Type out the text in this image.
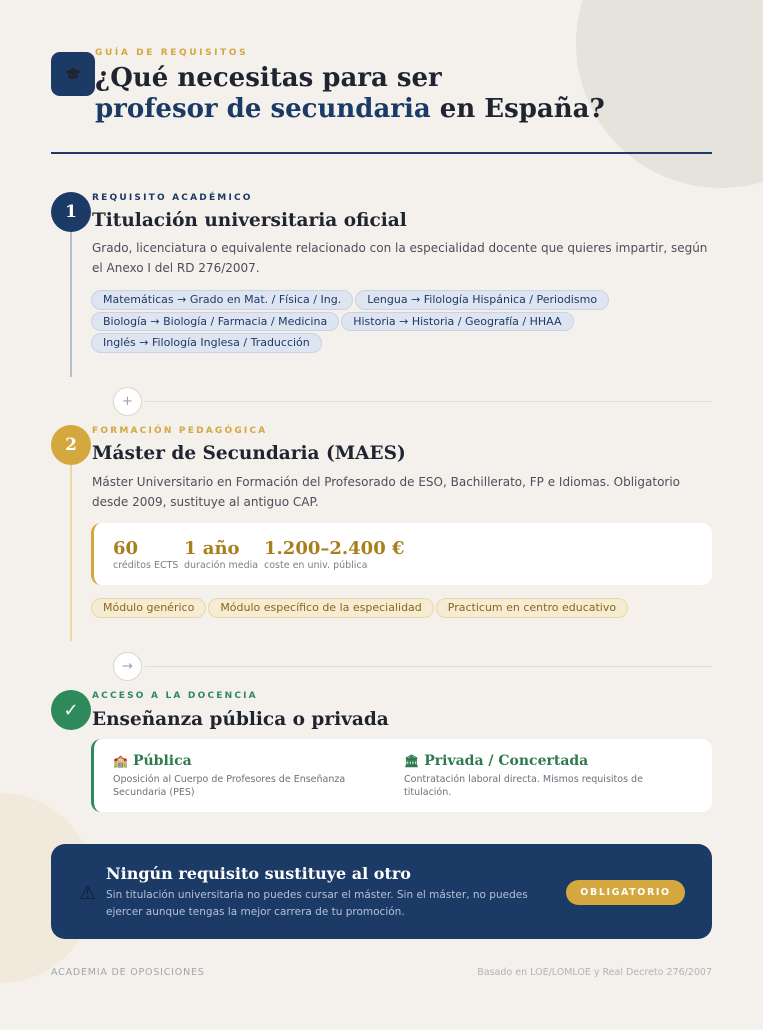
GUÍA DE REQUISITOS
¿Qué necesitas para ser
profesor de secundaria en España?
1
REQUISITO ACADÉMICO
Titulación universitaria oficial
Grado, licenciatura o equivalente relacionado con la especialidad docente que quieres impartir, según el Anexo I del RD 276/2007.
Matemáticas → Grado en Mat. / Física / Ing.	Lengua → Filología Hispánica / Periodismo
Biología → Biología / Farmacia / Medicina	Historia → Historia / Geografía / HHAA
Inglés → Filología Inglesa / Traducción
+
2
FORMACIÓN PEDAGÓGICA
Máster de Secundaria (MAES)
Máster Universitario en Formación del Profesorado de ESO, Bachillerato, FP e Idiomas. Obligatorio desde 2009, sustituye al antiguo CAP.
60
créditos ECTS
1 año
duración media
1.200–2.400 €
coste en univ. pública
Módulo genérico	Módulo específico de la especialidad	Practicum en centro educativo
→
✓
ACCESO A LA DOCENCIA
Enseñanza pública o privada
🏫 Pública
Oposición al Cuerpo de Profesores de Enseñanza Secundaria (PES)
🏛 Privada / Concertada
Contratación laboral directa. Mismos requisitos de titulación.
⚠
Ningún requisito sustituye al otro
Sin titulación universitaria no puedes cursar el máster. Sin el máster, no puedes ejercer aunque tengas la mejor carrera de tu promoción.
OBLIGATORIO
ACADEMIA DE OPOSICIONES	Basado en LOE/LOMLOE y Real Decreto 276/2007
